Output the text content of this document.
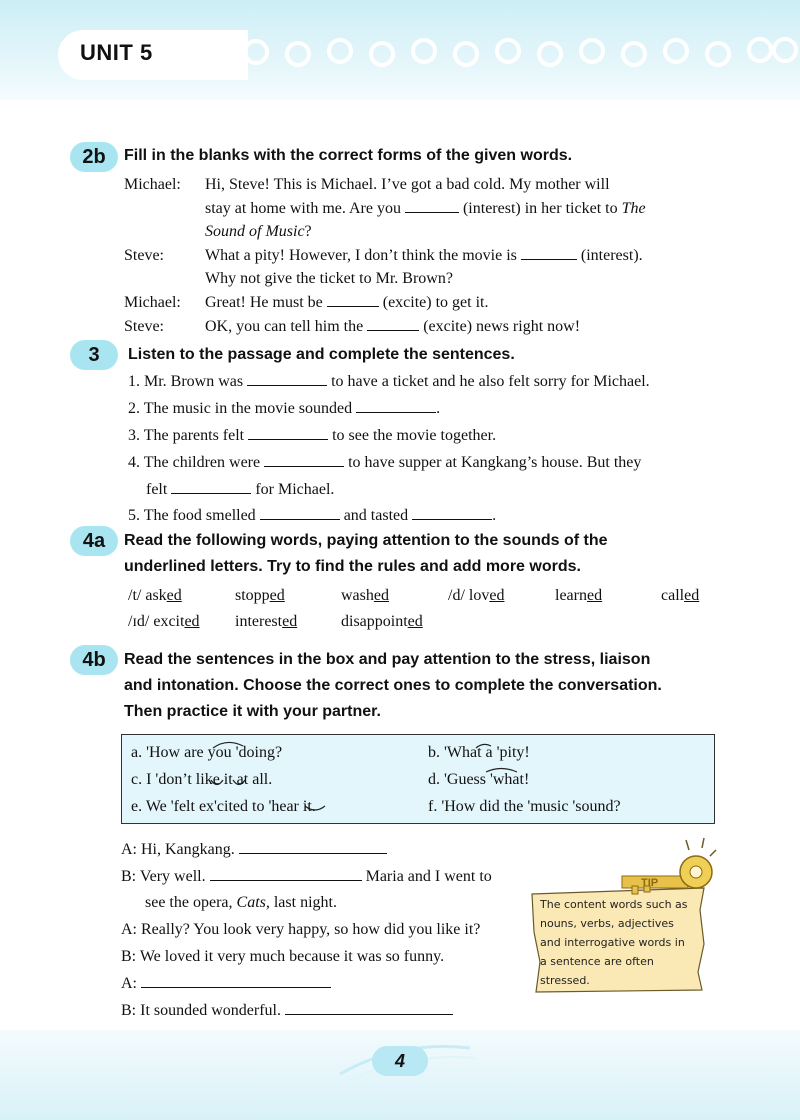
UNIT 5
2b	Fill in the blanks with the correct forms of the given words.
Michael: Hi, Steve! This is Michael. I’ve got a bad cold. My mother will
stay at home with me. Are you	(interest) in her ticket to The
Sound of Music?
Steve:	What a pity! However, I don’t think the movie is	(interest).
Why not give the ticket to Mr. Brown?
Michael: Great! He must be	(excite) to get it.
Steve:	OK, you can tell him the	(excite) news right now!
3	Listen to the passage and complete the sentences.
1. Mr. Brown was	to have a ticket and he also felt sorry for Michael.
2. The music in the movie sounded	.
3. The parents felt	to see the movie together.
4. The children were	to have supper at Kangkang’s house. But they
felt	for Michael.
5. The food smelled	and tasted	.
4a	Read the following words, paying attention to the sounds of the
underlined letters. Try to find the rules and add more words.
/t/ asked	stopped	washed	/d/ loved	learned	called
/ɪd/ excited interested	disappointed
4b	Read the sentences in the box and pay attention to the stress, liaison
and intonation. Choose the correct ones to complete the conversation.
Then practice it with your partner.
a. 'How are you 'doing?	b. 'What a 'pity!
c. I 'don’t like it at all.	d. 'Guess 'what!
e. We 'felt ex'cited to 'hear it.	f. 'How did the 'music 'sound?
A: Hi, Kangkang.
B: Very well.	Maria and I went to
see the opera, Cats, last night.
A: Really? You look very happy, so how did you like it?
B: We loved it very much because it was so funny.
A:
B: It sounded wonderful.
TIP
The content words such as nouns, verbs, adjectives and interrogative words in a sentence are often stressed.
4
